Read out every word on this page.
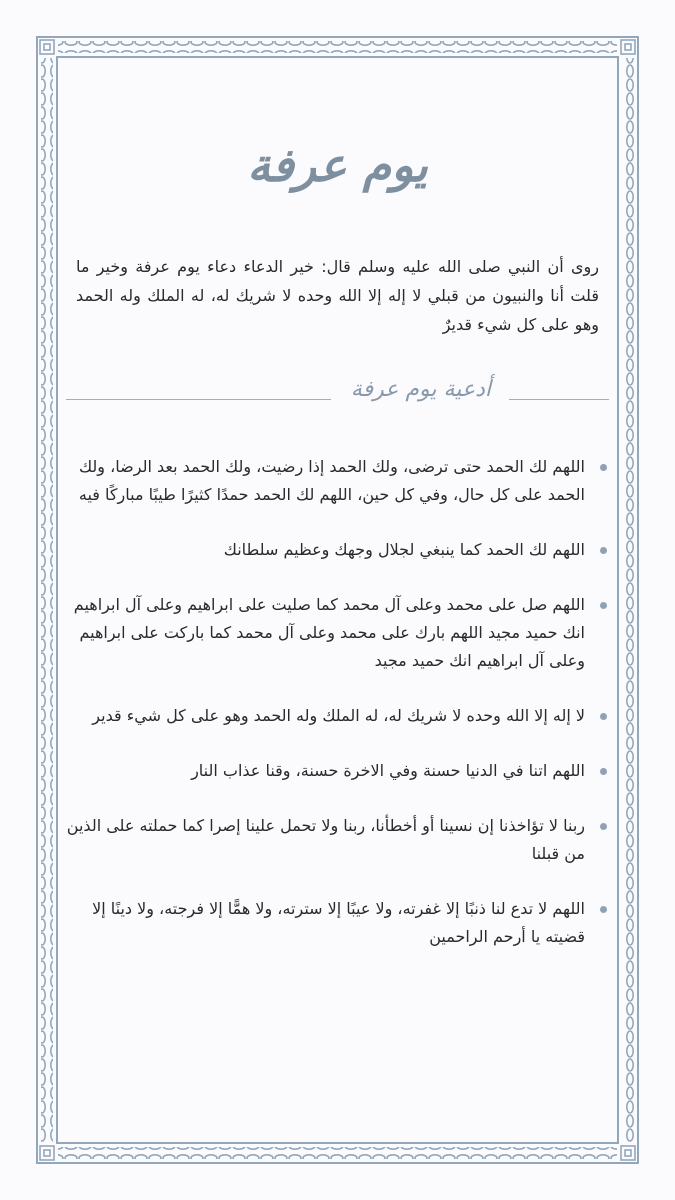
يوم عرفة

روى أن النبي صلى الله عليه وسلم قال: خير الدعاء دعاء يوم عرفة وخير ما قلت أنا والنبيون من قبلي لا إله إلا الله وحده لا شريك له، له الملك وله الحمد وهو على كل شيء قديرٌ

أدعية يوم عرفة
اللهم لك الحمد حتى ترضى، ولك الحمد إذا رضيت، ولك الحمد بعد الرضا، ولك الحمد على كل حال، وفي كل حين، اللهم لك الحمد حمدًا كثيرًا طيبًا مباركًا فيه
اللهم لك الحمد كما ينبغي لجلال وجهك وعظيم سلطانك
اللهم صل على محمد وعلى آل محمد كما صليت على ابراهيم وعلى آل ابراهيم انك حميد مجيد اللهم بارك على محمد وعلى آل محمد كما باركت على ابراهيم وعلى آل ابراهيم انك حميد مجيد
لا إله إلا الله وحده لا شريك له، له الملك وله الحمد وهو على كل شيء قدير
اللهم اتنا في الدنيا حسنة وفي الاخرة حسنة، وقنا عذاب النار
ربنا لا تؤاخذنا إن نسينا أو أخطأنا، ربنا ولا تحمل علينا إصرا كما حملته على الذين من قبلنا
اللهم لا تدع لنا ذنبًا إلا غفرته، ولا عيبًا إلا سترته، ولا همًّا إلا فرجته، ولا دينًا إلا قضيته يا أرحم الراحمين
